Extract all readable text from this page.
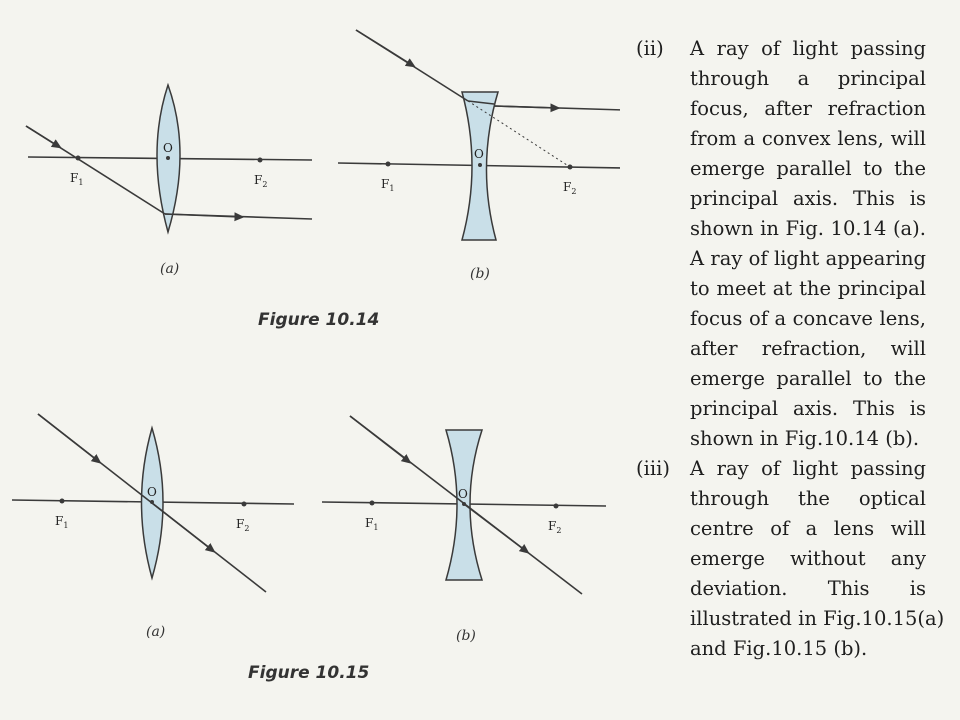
O
$F_1$	$F_2$
(a)
O
$F_1$	$F_2$
(b)
Figure 10.14
O
$F_1$	$F_2$
(a)
O
$F_1$	$F_2$
(b)
Figure 10.15
(ii)	A ray of light passing
through a principal
focus, after refraction
from a convex lens, will
emerge parallel to the
principal axis. This is
shown in Fig. 10.14 (a).
A ray of light appearing
to meet at the principal
focus of a concave lens,
after refraction, will
emerge parallel to the
principal axis. This is
shown in Fig.10.14 (b).
(iii)	A ray of light passing
through the optical
centre of a lens will
emerge without any
deviation. This is
illustrated in Fig.10.15(a)
and Fig.10.15 (b).
